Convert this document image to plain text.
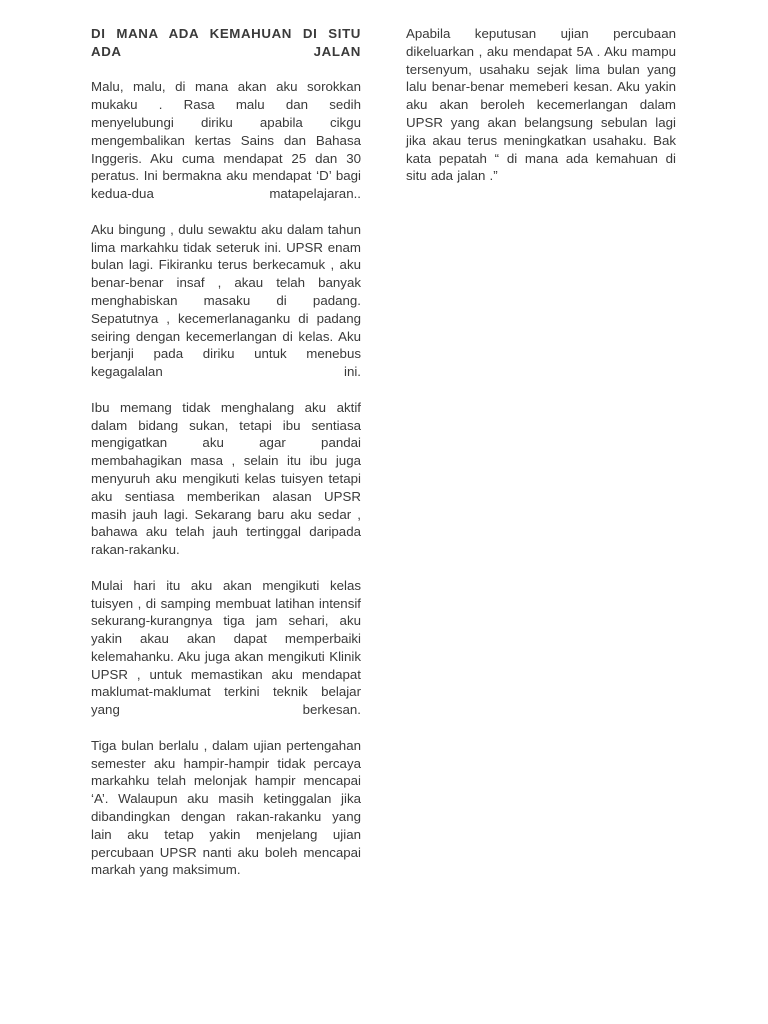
DI MANA ADA KEMAHUAN DI SITU ADA JALAN

Malu, malu, di mana akan aku sorokkan mukaku . Rasa malu dan sedih menyelubungi diriku apabila cikgu mengembalikan kertas Sains dan Bahasa Inggeris. Aku cuma mendapat 25 dan 30 peratus. Ini bermakna aku mendapat ‘D’ bagi kedua-dua matapelajaran..

Aku bingung , dulu sewaktu aku dalam tahun lima markahku tidak seteruk ini. UPSR enam bulan lagi. Fikiranku terus berkecamuk , aku benar-benar insaf , akau telah banyak menghabiskan masaku di padang. Sepatutnya , kecemerlanaganku di padang seiring dengan kecemerlangan di kelas. Aku berjanji pada diriku untuk menebus kegagalalan ini.

Ibu memang tidak menghalang aku aktif dalam bidang sukan, tetapi ibu sentiasa mengigatkan aku agar pandai membahagikan masa , selain itu ibu juga menyuruh aku mengikuti kelas tuisyen tetapi aku sentiasa memberikan alasan UPSR masih jauh lagi. Sekarang baru aku sedar , bahawa aku telah jauh tertinggal daripada rakan-rakanku.

Mulai hari itu aku akan mengikuti kelas tuisyen , di samping membuat latihan intensif sekurang-kurangnya tiga jam sehari, aku yakin akau akan dapat memperbaiki kelemahanku. Aku juga akan mengikuti Klinik UPSR , untuk memastikan aku mendapat maklumat-maklumat terkini teknik belajar yang berkesan.

Tiga bulan berlalu , dalam ujian pertengahan semester aku hampir-hampir tidak percaya markahku telah melonjak hampir mencapai ‘A’. Walaupun aku masih ketinggalan jika dibandingkan dengan rakan-rakanku yang lain aku tetap yakin menjelang ujian percubaan UPSR nanti aku boleh mencapai markah yang maksimum.

Apabila keputusan ujian percubaan dikeluarkan , aku mendapat 5A . Aku mampu tersenyum, usahaku sejak lima bulan yang lalu benar-benar memeberi kesan. Aku yakin aku akan beroleh kecemerlangan dalam UPSR yang akan belangsung sebulan lagi jika akau terus meningkatkan usahaku. Bak kata pepatah “ di mana ada kemahuan di situ ada jalan .”
